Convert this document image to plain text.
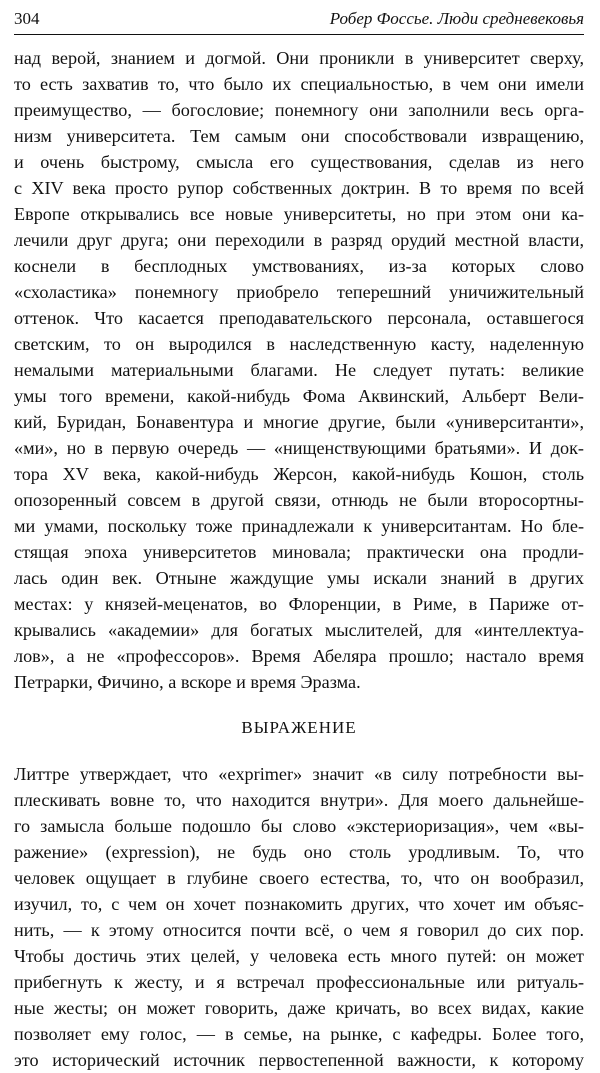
304	Робер Фоссье. Люди средневековья
над верой, знанием и догмой. Они проникли в университет сверху,
то есть захватив то, что было их специальностью, в чем они имели
преимущество, — богословие; понемногу они заполнили весь орга-
низм университета. Тем самым они способствовали извращению,
и очень быстрому, смысла его существования, сделав из него
с XIV века просто рупор собственных доктрин. В то время по всей
Европе открывались все новые университеты, но при этом они ка-
лечили друг друга; они переходили в разряд орудий местной власти,
коснели в бесплодных умствованиях, из-за которых слово
«схоластика» понемногу приобрело теперешний уничижительный
оттенок. Что касается преподавательского персонала, оставшегося
светским, то он выродился в наследственную касту, наделенную
немалыми материальными благами. Не следует путать: великие
умы того времени, какой-нибудь Фома Аквинский, Альберт Вели-
кий, Буридан, Бонавентура и многие другие, были «университанти»,
«ми», но в первую очередь — «нищенствующими братьями». И док-
тора XV века, какой-нибудь Жерсон, какой-нибудь Кошон, столь
опозоренный совсем в другой связи, отнюдь не были второсортны-
ми умами, поскольку тоже принадлежали к университантам. Но бле-
стящая эпоха университетов миновала; практически она продли-
лась один век. Отныне жаждущие умы искали знаний в других
местах: у князей-меценатов, во Флоренции, в Риме, в Париже от-
крывались «академии» для богатых мыслителей, для «интеллектуа-
лов», а не «профессоров». Время Абеляра прошло; настало время
Петрарки, Фичино, а вскоре и время Эразма.
ВЫРАЖЕНИЕ
Литтре утверждает, что «exprimer» значит «в силу потребности вы-
плескивать вовне то, что находится внутри». Для моего дальнейше-
го замысла больше подошло бы слово «экстериоризация», чем «вы-
ражение» (expression), не будь оно столь уродливым. То, что
человек ощущает в глубине своего естества, то, что он вообразил,
изучил, то, с чем он хочет познакомить других, что хочет им объяс-
нить, — к этому относится почти всё, о чем я говорил до сих пор.
Чтобы достичь этих целей, у человека есть много путей: он может
прибегнуть к жесту, и я встречал профессиональные или ритуаль-
ные жесты; он может говорить, даже кричать, во всех видах, какие
позволяет ему голос, — в семье, на рынке, с кафедры. Более того,
это исторический источник первостепенной важности, к которому
